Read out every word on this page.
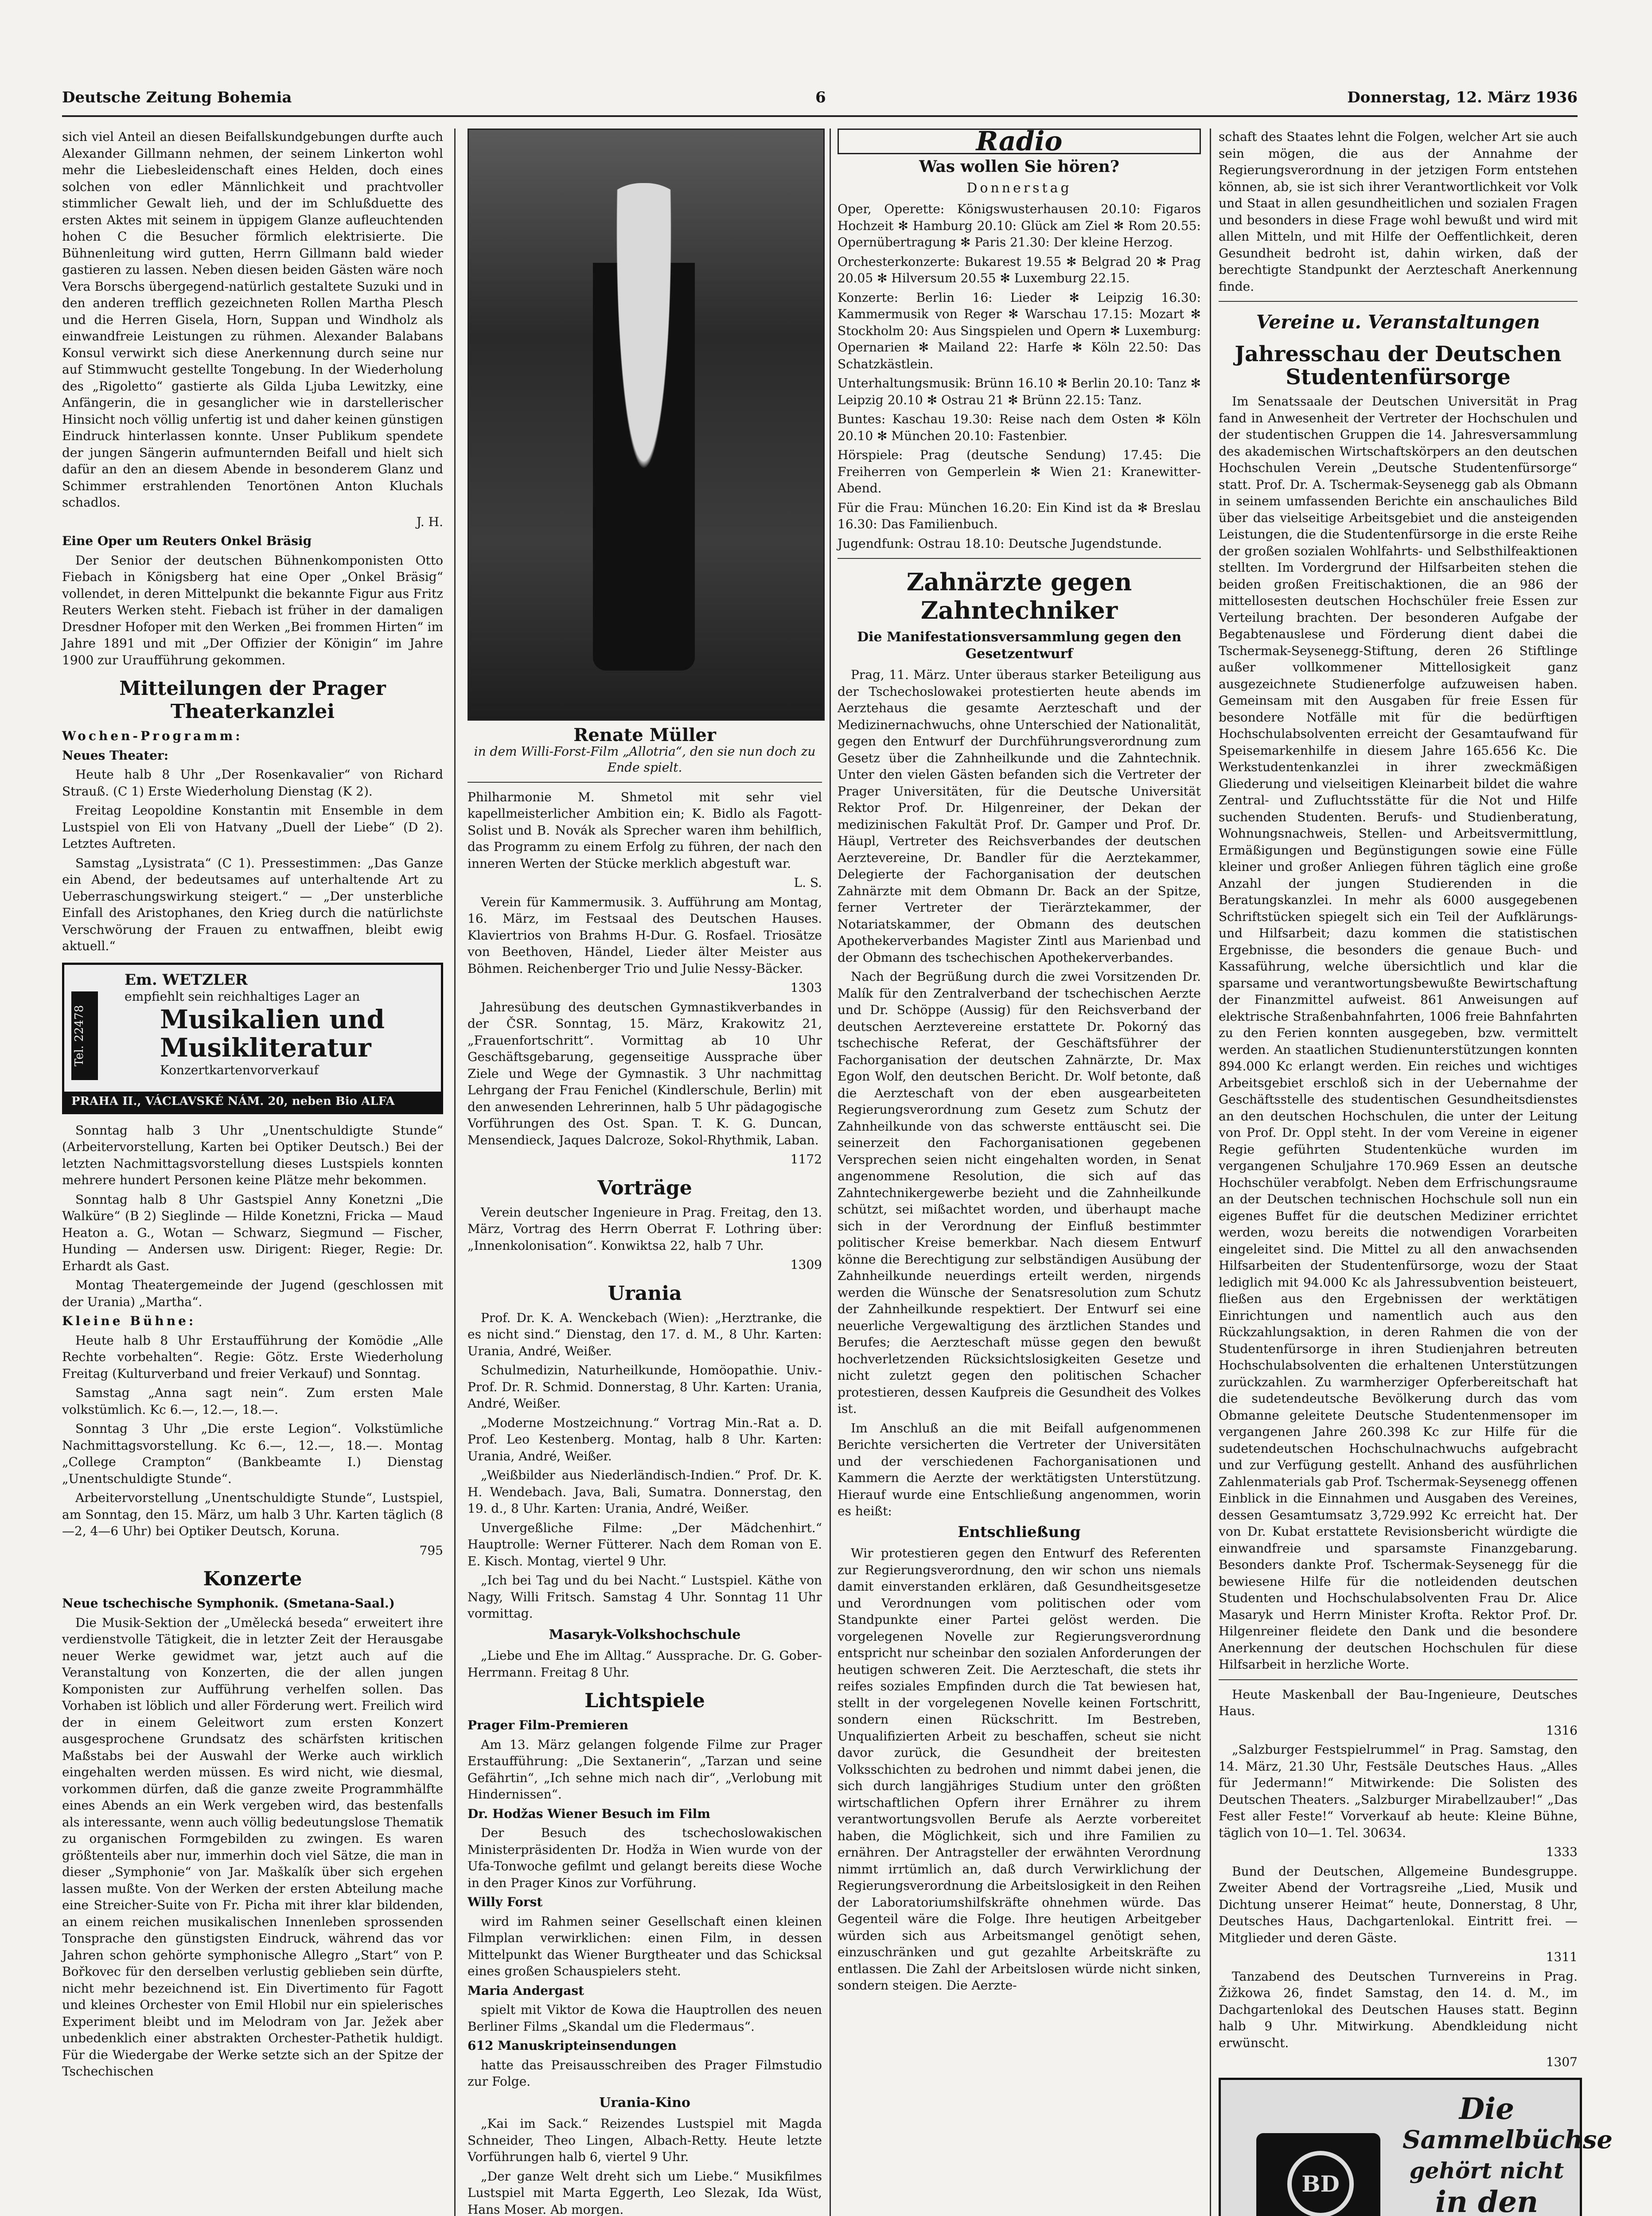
Deutsche Zeitung Bohemia	6	Donnerstag, 12. März 1936

sich viel Anteil an diesen Beifallskundgebungen durfte auch Alexander Gillmann nehmen, der seinem Linkerton wohl mehr die Liebesleidenschaft eines Helden, doch eines solchen von edler Männlichkeit und prachtvoller stimmlicher Gewalt lieh, und der im Schlußduette des ersten Aktes mit seinem in üppigem Glanze aufleuchtenden hohen C die Besucher förmlich elektrisierte. Die Bühnenleitung wird gutten, Herrn Gillmann bald wieder gastieren zu lassen. Neben diesen beiden Gästen wäre noch Vera Borschs übergegend-natürlich gestaltete Suzuki und in den anderen trefflich gezeichneten Rollen Martha Plesch und die Herren Gisela, Horn, Suppan und Windholz als einwandfreie Leistungen zu rühmen. Alexander Balabans Konsul verwirkt sich diese Anerkennung durch seine nur auf Stimmwucht gestellte Tongebung. In der Wiederholung des „Rigoletto“ gastierte als Gilda Ljuba Lewitzky, eine Anfängerin, die in gesanglicher wie in darstellerischer Hinsicht noch völlig unfertig ist und daher keinen günstigen Eindruck hinterlassen konnte. Unser Publikum spendete der jungen Sängerin aufmunternden Beifall und hielt sich dafür an den an diesem Abende in besonderem Glanz und Schimmer erstrahlenden Tenortönen Anton Kluchals schadlos.

J. H.

Eine Oper um Reuters Onkel Bräsig

Der Senior der deutschen Bühnenkomponisten Otto Fiebach in Königsberg hat eine Oper „Onkel Bräsig“ vollendet, in deren Mittelpunkt die bekannte Figur aus Fritz Reuters Werken steht. Fiebach ist früher in der damaligen Dresdner Hofoper mit den Werken „Bei frommen Hirten“ im Jahre 1891 und mit „Der Offizier der Königin“ im Jahre 1900 zur Uraufführung gekommen.

Mitteilungen der Prager Theaterkanzlei

Wochen-Programm:

Neues Theater:

Heute halb 8 Uhr „Der Rosenkavalier“ von Richard Strauß. (C 1) Erste Wiederholung Dienstag (K 2).

Freitag Leopoldine Konstantin mit Ensemble in dem Lustspiel von Eli von Hatvany „Duell der Liebe“ (D 2). Letztes Auftreten.

Samstag „Lysistrata“ (C 1). Pressestimmen: „Das Ganze ein Abend, der bedeutsames auf unterhaltende Art zu Ueberraschungswirkung steigert.“ — „Der unsterbliche Einfall des Aristophanes, den Krieg durch die natürlichste Verschwörung der Frauen zu entwaffnen, bleibt ewig aktuell.“

Tel. 22478
Em. WETZLER
empfiehlt sein reichhaltiges Lager an
Musikalien und
Musikliteratur
Konzertkartenvorverkauf
PRAHA II., VÁCLAVSKÉ NÁM. 20, neben Bio ALFA

Sonntag halb 3 Uhr „Unentschuldigte Stunde“ (Arbeitervorstellung, Karten bei Optiker Deutsch.) Bei der letzten Nachmittagsvorstellung dieses Lustspiels konnten mehrere hundert Personen keine Plätze mehr bekommen.

Sonntag halb 8 Uhr Gastspiel Anny Konetzni „Die Walküre“ (B 2) Sieglinde — Hilde Konetzni, Fricka — Maud Heaton a. G., Wotan — Schwarz, Siegmund — Fischer, Hunding — Andersen usw. Dirigent: Rieger, Regie: Dr. Erhardt als Gast.

Montag Theatergemeinde der Jugend (geschlossen mit der Urania) „Martha“.

Kleine Bühne:

Heute halb 8 Uhr Erstaufführung der Komödie „Alle Rechte vorbehalten“. Regie: Götz. Erste Wiederholung Freitag (Kulturverband und freier Verkauf) und Sonntag.

Samstag „Anna sagt nein“. Zum ersten Male volkstümlich. Kc 6.—, 12.—, 18.—.

Sonntag 3 Uhr „Die erste Legion“. Volkstümliche Nachmittagsvorstellung. Kc 6.—, 12.—, 18.—. Montag „College Crampton“ (Bankbeamte I.) Dienstag „Unentschuldigte Stunde“.

Arbeitervorstellung „Unentschuldigte Stunde“, Lustspiel, am Sonntag, den 15. März, um halb 3 Uhr. Karten täglich (8—2, 4—6 Uhr) bei Optiker Deutsch, Koruna.

795

Konzerte

Neue tschechische Symphonik. (Smetana-Saal.)

Die Musik-Sektion der „Umělecká beseda“ erweitert ihre verdienstvolle Tätigkeit, die in letzter Zeit der Herausgabe neuer Werke gewidmet war, jetzt auch auf die Veranstaltung von Konzerten, die der allen jungen Komponisten zur Aufführung verhelfen sollen. Das Vorhaben ist löblich und aller Förderung wert. Freilich wird der in einem Geleitwort zum ersten Konzert ausgesprochene Grundsatz des schärfsten kritischen Maßstabs bei der Auswahl der Werke auch wirklich eingehalten werden müssen. Es wird nicht, wie diesmal, vorkommen dürfen, daß die ganze zweite Programmhälfte eines Abends an ein Werk vergeben wird, das bestenfalls als interessante, wenn auch völlig bedeutungslose Thematik zu organischen Formgebilden zu zwingen. Es waren größtenteils aber nur, immerhin doch viel Sätze, die man in dieser „Symphonie“ von Jar. Maškalík über sich ergehen lassen mußte. Von der Werken der ersten Abteilung mache eine Streicher-Suite von Fr. Picha mit ihrer klar bildenden, an einem reichen musikalischen Innenleben sprossenden Tonsprache den günstigsten Eindruck, während das vor Jahren schon gehörte symphonische Allegro „Start“ von P. Bořkovec für den derselben verlustig geblieben sein dürfte, nicht mehr bezeichnend ist. Ein Divertimento für Fagott und kleines Orchester von Emil Hlobil nur ein spielerisches Experiment bleibt und im Melodram von Jar. Ježek aber unbedenklich einer abstrakten Orchester-Pathetik huldigt. Für die Wiedergabe der Werke setzte sich an der Spitze der Tschechischen

Renate Müller
in dem Willi-Forst-Film „Allotria“, den sie nun doch zu Ende spielt.

Philharmonie M. Shmetol mit sehr viel kapellmeisterlicher Ambition ein; K. Bidlo als Fagott-Solist und B. Novák als Sprecher waren ihm behilflich, das Programm zu einem Erfolg zu führen, der nach den inneren Werten der Stücke merklich abgestuft war.

L. S.

Verein für Kammermusik. 3. Aufführung am Montag, 16. März, im Festsaal des Deutschen Hauses. Klaviertrios von Brahms H-Dur. G. Rosfael. Triosätze von Beethoven, Händel, Lieder älter Meister aus Böhmen. Reichenberger Trio und Julie Nessy-Bäcker.

1303

Jahresübung des deutschen Gymnastikverbandes in der ČSR. Sonntag, 15. März, Krakowitz 21, „Frauenfortschritt“. Vormittag ab 10 Uhr Geschäftsgebarung, gegenseitige Aussprache über Ziele und Wege der Gymnastik. 3 Uhr nachmittag Lehrgang der Frau Fenichel (Kindlerschule, Berlin) mit den anwesenden Lehrerinnen, halb 5 Uhr pädagogische Vorführungen des Ost. Span. T. K. G. Duncan, Mensendieck, Jaques Dalcroze, Sokol-Rhythmik, Laban.

1172

Vorträge

Verein deutscher Ingenieure in Prag. Freitag, den 13. März, Vortrag des Herrn Oberrat F. Lothring über: „Innenkolonisation“. Konwiktsa 22, halb 7 Uhr.

1309

Urania

Prof. Dr. K. A. Wenckebach (Wien): „Herztranke, die es nicht sind.“ Dienstag, den 17. d. M., 8 Uhr. Karten: Urania, André, Weißer.

Schulmedizin, Naturheilkunde, Homöopathie. Univ.-Prof. Dr. R. Schmid. Donnerstag, 8 Uhr. Karten: Urania, André, Weißer.

„Moderne Mostzeichnung.“ Vortrag Min.-Rat a. D. Prof. Leo Kestenberg. Montag, halb 8 Uhr. Karten: Urania, André, Weißer.

„Weißbilder aus Niederländisch-Indien.“ Prof. Dr. K. H. Wendebach. Java, Bali, Sumatra. Donnerstag, den 19. d., 8 Uhr. Karten: Urania, André, Weißer.

Unvergeßliche Filme: „Der Mädchenhirt.“ Hauptrolle: Werner Fütterer. Nach dem Roman von E. E. Kisch. Montag, viertel 9 Uhr.

„Ich bei Tag und du bei Nacht.“ Lustspiel. Käthe von Nagy, Willi Fritsch. Samstag 4 Uhr. Sonntag 11 Uhr vormittag.

Masaryk-Volkshochschule

„Liebe und Ehe im Alltag.“ Aussprache. Dr. G. Gober-Herrmann. Freitag 8 Uhr.

Lichtspiele

Prager Film-Premieren

Am 13. März gelangen folgende Filme zur Prager Erstaufführung: „Die Sextanerin“, „Tarzan und seine Gefährtin“, „Ich sehne mich nach dir“, „Verlobung mit Hindernissen“.

Dr. Hodžas Wiener Besuch im Film

Der Besuch des tschechoslowakischen Ministerpräsidenten Dr. Hodža in Wien wurde von der Ufa-Tonwoche gefilmt und gelangt bereits diese Woche in den Prager Kinos zur Vorführung.

Willy Forst

wird im Rahmen seiner Gesellschaft einen kleinen Filmplan verwirklichen: einen Film, in dessen Mittelpunkt das Wiener Burgtheater und das Schicksal eines großen Schauspielers steht.

Maria Andergast

spielt mit Viktor de Kowa die Hauptrollen des neuen Berliner Films „Skandal um die Fledermaus“.

612 Manuskripteinsendungen

hatte das Preisausschreiben des Prager Filmstudio zur Folge.

Urania-Kino

„Kai im Sack.“ Reizendes Lustspiel mit Magda Schneider, Theo Lingen, Albach-Retty. Heute letzte Vorführungen halb 6, viertel 9 Uhr.

„Der ganze Welt dreht sich um Liebe.“ Musikfilmes Lustspiel mit Marta Eggerth, Leo Slezak, Ida Wüst, Hans Moser. Ab morgen.

Radio
Was wollen Sie hören?
Donnerstag

Oper, Operette: Königswusterhausen 20.10: Figaros Hochzeit ✻ Hamburg 20.10: Glück am Ziel ✻ Rom 20.55: Opernübertragung ✻ Paris 21.30: Der kleine Herzog.

Orchesterkonzerte: Bukarest 19.55 ✻ Belgrad 20 ✻ Prag 20.05 ✻ Hilversum 20.55 ✻ Luxemburg 22.15.

Konzerte: Berlin 16: Lieder ✻ Leipzig 16.30: Kammermusik von Reger ✻ Warschau 17.15: Mozart ✻ Stockholm 20: Aus Singspielen und Opern ✻ Luxemburg: Opernarien ✻ Mailand 22: Harfe ✻ Köln 22.50: Das Schatzkästlein.

Unterhaltungsmusik: Brünn 16.10 ✻ Berlin 20.10: Tanz ✻ Leipzig 20.10 ✻ Ostrau 21 ✻ Brünn 22.15: Tanz.

Buntes: Kaschau 19.30: Reise nach dem Osten ✻ Köln 20.10 ✻ München 20.10: Fastenbier.

Hörspiele: Prag (deutsche Sendung) 17.45: Die Freiherren von Gemperlein ✻ Wien 21: Kranewitter-Abend.

Für die Frau: München 16.20: Ein Kind ist da ✻ Breslau 16.30: Das Familienbuch.

Jugendfunk: Ostrau 18.10: Deutsche Jugendstunde.

Zahnärzte gegen Zahntechniker
Die Manifestationsversammlung gegen den Gesetzentwurf

Prag, 11. März. Unter überaus starker Beteiligung aus der Tschechoslowakei protestierten heute abends im Aerztehaus die gesamte Aerzteschaft und der Medizinernachwuchs, ohne Unterschied der Nationalität, gegen den Entwurf der Durchführungsverordnung zum Gesetz über die Zahnheilkunde und die Zahntechnik. Unter den vielen Gästen befanden sich die Vertreter der Prager Universitäten, für die Deutsche Universität Rektor Prof. Dr. Hilgenreiner, der Dekan der medizinischen Fakultät Prof. Dr. Gamper und Prof. Dr. Häupl, Vertreter des Reichsverbandes der deutschen Aerztevereine, Dr. Bandler für die Aerztekammer, Delegierte der Fachorganisation der deutschen Zahnärzte mit dem Obmann Dr. Back an der Spitze, ferner Vertreter der Tierärztekammer, der Notariatskammer, der Obmann des deutschen Apothekerverbandes Magister Zintl aus Marienbad und der Obmann des tschechischen Apothekerverbandes.

Nach der Begrüßung durch die zwei Vorsitzenden Dr. Malík für den Zentralverband der tschechischen Aerzte und Dr. Schöppe (Aussig) für den Reichsverband der deutschen Aerztevereine erstattete Dr. Pokorný das tschechische Referat, der Geschäftsführer der Fachorganisation der deutschen Zahnärzte, Dr. Max Egon Wolf, den deutschen Bericht. Dr. Wolf betonte, daß die Aerzteschaft von der eben ausgearbeiteten Regierungsverordnung zum Gesetz zum Schutz der Zahnheilkunde von das schwerste enttäuscht sei. Die seinerzeit den Fachorganisationen gegebenen Versprechen seien nicht eingehalten worden, in Senat angenommene Resolution, die sich auf das Zahntechnikergewerbe bezieht und die Zahnheilkunde schützt, sei mißachtet worden, und überhaupt mache sich in der Verordnung der Einfluß bestimmter politischer Kreise bemerkbar. Nach diesem Entwurf könne die Berechtigung zur selbständigen Ausübung der Zahnheilkunde neuerdings erteilt werden, nirgends werden die Wünsche der Senatsresolution zum Schutz der Zahnheilkunde respektiert. Der Entwurf sei eine neuerliche Vergewaltigung des ärztlichen Standes und Berufes; die Aerzteschaft müsse gegen den bewußt hochverletzenden Rücksichtslosigkeiten Gesetze und nicht zuletzt gegen den politischen Schacher protestieren, dessen Kaufpreis die Gesundheit des Volkes ist.

Im Anschluß an die mit Beifall aufgenommenen Berichte versicherten die Vertreter der Universitäten und der verschiedenen Fachorganisationen und Kammern die Aerzte der werktätigsten Unterstützung. Hierauf wurde eine Entschließung angenommen, worin es heißt:

Entschließung

Wir protestieren gegen den Entwurf des Referenten zur Regierungsverordnung, den wir schon uns niemals damit einverstanden erklären, daß Gesundheitsgesetze und Verordnungen vom politischen oder vom Standpunkte einer Partei gelöst werden. Die vorgelegenen Novelle zur Regierungsverordnung entspricht nur scheinbar den sozialen Anforderungen der heutigen schweren Zeit. Die Aerzteschaft, die stets ihr reifes soziales Empfinden durch die Tat bewiesen hat, stellt in der vorgelegenen Novelle keinen Fortschritt, sondern einen Rückschritt. Im Bestreben, Unqualifizierten Arbeit zu beschaffen, scheut sie nicht davor zurück, die Gesundheit der breitesten Volksschichten zu bedrohen und nimmt dabei jenen, die sich durch langjähriges Studium unter den größten wirtschaftlichen Opfern ihrer Ernährer zu ihrem verantwortungsvollen Berufe als Aerzte vorbereitet haben, die Möglichkeit, sich und ihre Familien zu ernähren. Der Antragsteller der erwähnten Verordnung nimmt irrtümlich an, daß durch Verwirklichung der Regierungsverordnung die Arbeitslosigkeit in den Reihen der Laboratoriumshilfskräfte ohnehmen würde. Das Gegenteil wäre die Folge. Ihre heutigen Arbeitgeber würden sich aus Arbeitsmangel genötigt sehen, einzuschränken und gut gezahlte Arbeitskräfte zu entlassen. Die Zahl der Arbeitslosen würde nicht sinken, sondern steigen. Die Aerzte-

schaft des Staates lehnt die Folgen, welcher Art sie auch sein mögen, die aus der Annahme der Regierungsverordnung in der jetzigen Form entstehen können, ab, sie ist sich ihrer Verantwortlichkeit vor Volk und Staat in allen gesundheitlichen und sozialen Fragen und besonders in diese Frage wohl bewußt und wird mit allen Mitteln, und mit Hilfe der Oeffentlichkeit, deren Gesundheit bedroht ist, dahin wirken, daß der berechtigte Standpunkt der Aerzteschaft Anerkennung finde.

Vereine u. Veranstaltungen
Jahresschau der Deutschen Studentenfürsorge

Im Senatssaale der Deutschen Universität in Prag fand in Anwesenheit der Vertreter der Hochschulen und der studentischen Gruppen die 14. Jahresversammlung des akademischen Wirtschaftskörpers an den deutschen Hochschulen Verein „Deutsche Studentenfürsorge“ statt. Prof. Dr. A. Tschermak-Seysenegg gab als Obmann in seinem umfassenden Berichte ein anschauliches Bild über das vielseitige Arbeitsgebiet und die ansteigenden Leistungen, die die Studentenfürsorge in die erste Reihe der großen sozialen Wohlfahrts- und Selbsthilfeaktionen stellten. Im Vordergrund der Hilfsarbeiten stehen die beiden großen Freitischaktionen, die an 986 der mittellosesten deutschen Hochschüler freie Essen zur Verteilung brachten. Der besonderen Aufgabe der Begabtenauslese und Förderung dient dabei die Tschermak-Seysenegg-Stiftung, deren 26 Stiftlinge außer vollkommener Mittellosigkeit ganz ausgezeichnete Studienerfolge aufzuweisen haben. Gemeinsam mit den Ausgaben für freie Essen für besondere Notfälle mit für die bedürftigen Hochschulabsolventen erreicht der Gesamtaufwand für Speisemarkenhilfe in diesem Jahre 165.656 Kc. Die Werkstudentenkanzlei in ihrer zweckmäßigen Gliederung und vielseitigen Kleinarbeit bildet die wahre Zentral- und Zufluchtsstätte für die Not und Hilfe suchenden Studenten. Berufs- und Studienberatung, Wohnungsnachweis, Stellen- und Arbeitsvermittlung, Ermäßigungen und Begünstigungen sowie eine Fülle kleiner und großer Anliegen führen täglich eine große Anzahl der jungen Studierenden in die Beratungskanzlei. In mehr als 6000 ausgegebenen Schriftstücken spiegelt sich ein Teil der Aufklärungs- und Hilfsarbeit; dazu kommen die statistischen Ergebnisse, die besonders die genaue Buch- und Kassaführung, welche übersichtlich und klar die sparsame und verantwortungsbewußte Bewirtschaftung der Finanzmittel aufweist. 861 Anweisungen auf elektrische Straßenbahnfahrten, 1006 freie Bahnfahrten zu den Ferien konnten ausgegeben, bzw. vermittelt werden. An staatlichen Studienunterstützungen konnten 894.000 Kc erlangt werden. Ein reiches und wichtiges Arbeitsgebiet erschloß sich in der Uebernahme der Geschäftsstelle des studentischen Gesundheitsdienstes an den deutschen Hochschulen, die unter der Leitung von Prof. Dr. Oppl steht. In der vom Vereine in eigener Regie geführten Studentenküche wurden im vergangenen Schuljahre 170.969 Essen an deutsche Hochschüler verabfolgt. Neben dem Erfrischungsraume an der Deutschen technischen Hochschule soll nun ein eigenes Buffet für die deutschen Mediziner errichtet werden, wozu bereits die notwendigen Vorarbeiten eingeleitet sind. Die Mittel zu all den anwachsenden Hilfsarbeiten der Studentenfürsorge, wozu der Staat lediglich mit 94.000 Kc als Jahressubvention beisteuert, fließen aus den Ergebnissen der werktätigen Einrichtungen und namentlich auch aus den Rückzahlungsaktion, in deren Rahmen die von der Studentenfürsorge in ihren Studienjahren betreuten Hochschulabsolventen die erhaltenen Unterstützungen zurückzahlen. Zu warmherziger Opferbereitschaft hat die sudetendeutsche Bevölkerung durch das vom Obmanne geleitete Deutsche Studentenmensoper im vergangenen Jahre 260.398 Kc zur Hilfe für die sudetendeutschen Hochschulnachwuchs aufgebracht und zur Verfügung gestellt. Anhand des ausführlichen Zahlenmaterials gab Prof. Tschermak-Seysenegg offenen Einblick in die Einnahmen und Ausgaben des Vereines, dessen Gesamtumsatz 3,729.992 Kc erreicht hat. Der von Dr. Kubat erstattete Revisionsbericht würdigte die einwandfreie und sparsamste Finanzgebarung. Besonders dankte Prof. Tschermak-Seysenegg für die bewiesene Hilfe für die notleidenden deutschen Studenten und Hochschulabsolventen Frau Dr. Alice Masaryk und Herrn Minister Krofta. Rektor Prof. Dr. Hilgenreiner fleidete den Dank und die besondere Anerkennung der deutschen Hochschulen für diese Hilfsarbeit in herzliche Worte.

Heute Maskenball der Bau-Ingenieure, Deutsches Haus.

1316

„Salzburger Festspielrummel“ in Prag. Samstag, den 14. März, 21.30 Uhr, Festsäle Deutsches Haus. „Alles für Jedermann!“ Mitwirkende: Die Solisten des Deutschen Theaters. „Salzburger Mirabellzauber!“ „Das Fest aller Feste!“ Vorverkauf ab heute: Kleine Bühne, täglich von 10—1. Tel. 30634.

1333

Bund der Deutschen, Allgemeine Bundesgruppe. Zweiter Abend der Vortragsreihe „Lied, Musik und Dichtung unserer Heimat“ heute, Donnerstag, 8 Uhr, Deutsches Haus, Dachgartenlokal. Eintritt frei. — Mitglieder und deren Gäste.

1311

Tanzabend des Deutschen Turnvereins in Prag. Žižkowa 26, findet Samstag, den 14. d. M., im Dachgartenlokal des Deutschen Hauses statt. Beginn halb 9 Uhr. Mitwirkung. Abendkleidung nicht erwünscht.

1307

BD
Die
Sammelbüchse
gehört nicht
in den
